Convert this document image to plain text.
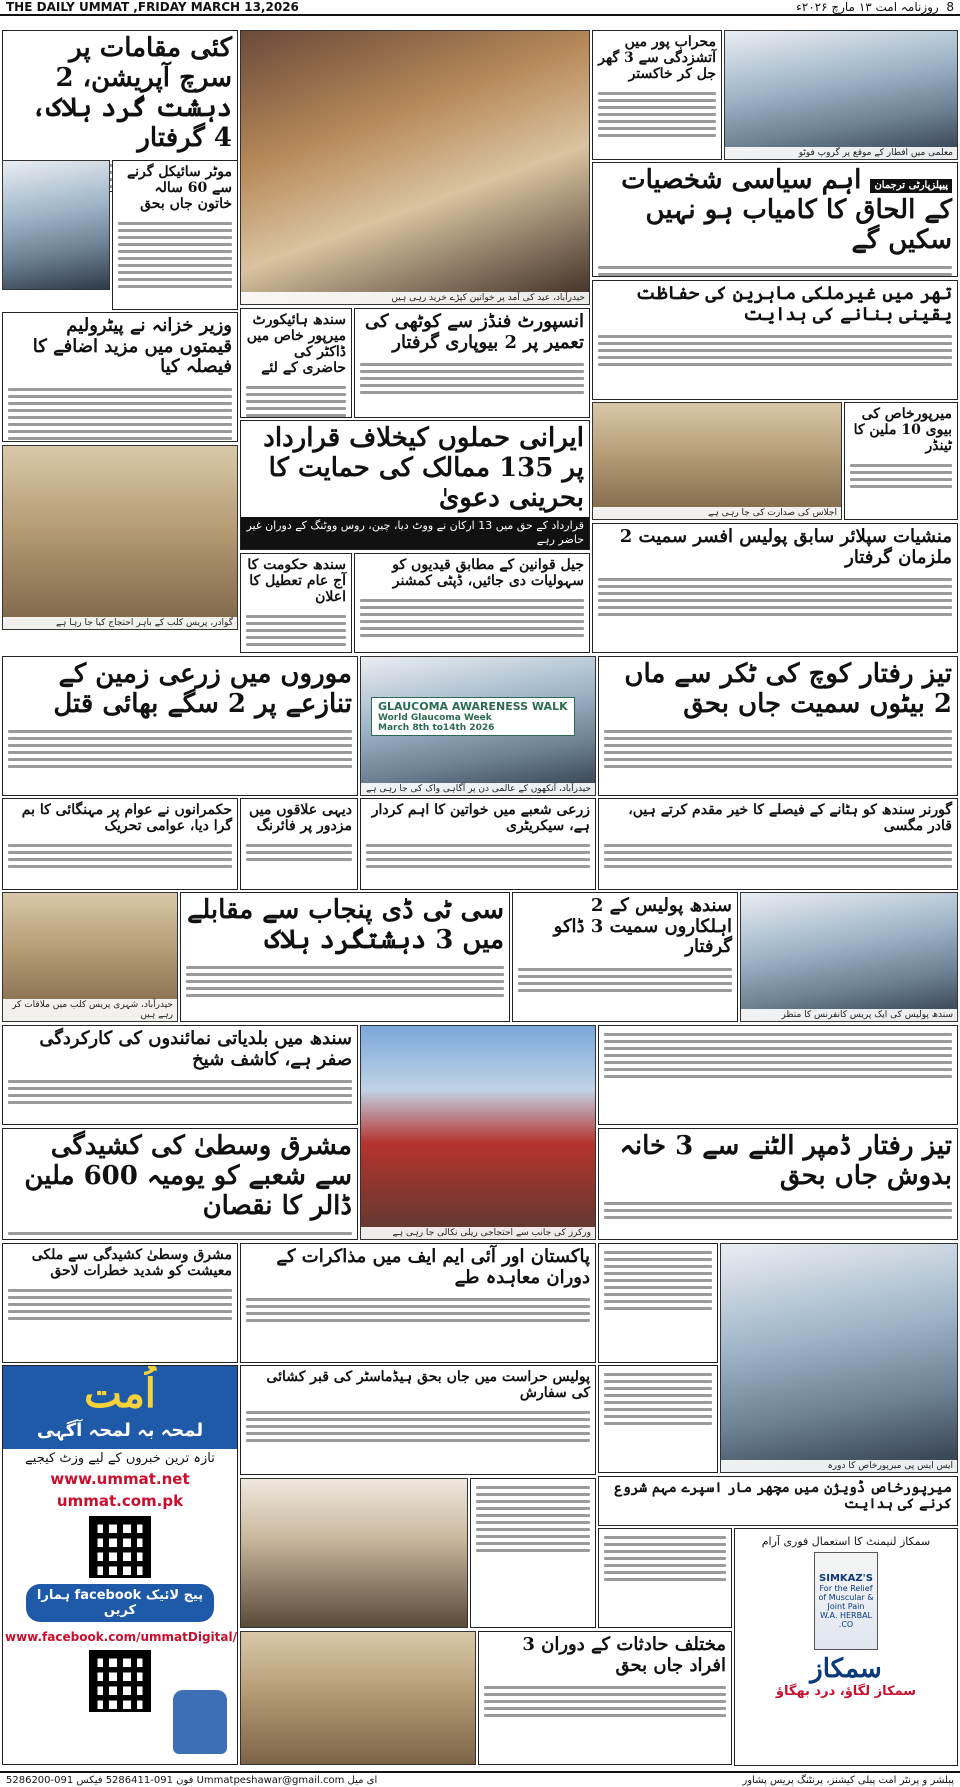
THE DAILY UMMAT ,FRIDAY MARCH 13,2026	8  روزنامہ امت ۱۳ مارچ ۲۰۲۶ء
کئی مقامات پر سرچ آپریشن، 2 دہشت گرد ہلاک، 4 گرفتار
موٹر سائیکل گرنے سے 60 سالہ خاتون جاں بحق
وزیر خزانہ نے پیٹرولیم قیمتوں میں مزید اضافے کا فیصلہ کیا
گوادر، پریس کلب کے باہر احتجاج کیا جا رہا ہے
حیدرآباد، عید کی آمد پر خواتین کپڑے خرید رہی ہیں
سندھ ہائیکورٹ میرپور خاص میں ڈاکٹر کی حاضری کے لئے
انسپورٹ فنڈز سے کوٹھی کی تعمیر پر 2 بیوپاری گرفتار
ایرانی حملوں کیخلاف قرارداد پر 135 ممالک کی حمایت کا بحرینی دعویٰ
قرارداد کے حق میں 13 ارکان نے ووٹ دیا، چین، روس ووٹنگ کے دوران غیر حاضر رہے
سندھ حکومت کا آج عام تعطیل کا اعلان
جیل قوانین کے مطابق قیدیوں کو سہولیات دی جائیں، ڈپٹی کمشنر
محراب پور میں آتشزدگی سے 3 گھر جل کر خاکستر
معلمی میں افطار کے موقع پر گروپ فوٹو
پیپلزپارٹی ترجمان اہم سیاسی شخصیات کے الحاق کا کامیاب ہو نہیں سکیں گے
تھر میں غیرملکی ماہرین کی حفاظت یقینی بنانے کی ہدایت
اجلاس کی صدارت کی جا رہی ہے
میرپورخاص کی بیوی 10 ملین کا ٹینڈر
منشیات سپلائر سابق پولیس افسر سمیت 2 ملزمان گرفتار
موروں میں زرعی زمین کے تنازعے پر 2 سگے بھائی قتل	GLAUCOMA AWARENESS WALK
World Glaucoma Week
March 8th to14th 2026
حیدرآباد، آنکھوں کے عالمی دن پر آگاہی واک کی جا رہی ہے
تیز رفتار کوچ کی ٹکر سے ماں 2 بیٹوں سمیت جاں بحق
حکمرانوں نے عوام پر مہنگائی کا بم گرا دیا، عوامی تحریک
دیہی علاقوں میں مزدور پر فائرنگ
زرعی شعبے میں خواتین کا اہم کردار ہے، سیکریٹری
گورنر سندھ کو ہٹانے کے فیصلے کا خیر مقدم کرتے ہیں، قادر مگسی
حیدرآباد، شہری پریس کلب میں ملاقات کر رہے ہیں
سی ٹی ڈی پنجاب سے مقابلے میں 3 دہشتگرد ہلاک
سندھ پولیس کے 2 اہلکاروں سمیت 3 ڈاکو گرفتار
سندھ پولیس کی ایک پریس کانفرنس کا منظر
سندھ میں بلدیاتی نمائندوں کی کارکردگی صفر ہے، کاشف شیخ
ورکرز کی جانب سے احتجاجی ریلی نکالی جا رہی ہے
مشرق وسطیٰ کی کشیدگی سے شعبے کو یومیہ 600 ملین ڈالر کا نقصان
تیز رفتار ڈمپر الٹنے سے 3 خانہ بدوش جاں بحق
اُمت
لمحہ بہ لمحہ آگہی
تازہ ترین خبروں کے لیے وزٹ کیجیے
www.ummat.net
ummat.com.pk
ہمارا facebook پیج لائیک کریں
www.facebook.com/ummatDigital/
مشرق وسطیٰ کشیدگی سے ملکی معیشت کو شدید خطرات لاحق
پاکستان اور آئی ایم ایف میں مذاکرات کے دوران معاہدہ طے
ایس ایس پی میرپورخاص کا دورہ
پولیس حراست میں جاں بحق ہیڈماسٹر کی قبر کشائی کی سفارش
میرپورخاص ڈویژن میں مچھر مار اسپرے مہم شروع کرنے کی ہدایت
سمکاز لنیمنٹ کا استعمال فوری آرام
SIMKAZ'S
For the Relief of Muscular & Joint Pain
W.A. HERBAL CO.
سمکاز
سمکاز لگاؤ، درد بھگاؤ
مختلف حادثات کے دوران 3 افراد جاں بحق
پبلشر و پرنٹر امت پبلی کیشنز، پرنٹنگ پریس پشاور
ای میل Ummatpeshawar@gmail.com فون 091-5286411 فیکس 091-5286200
